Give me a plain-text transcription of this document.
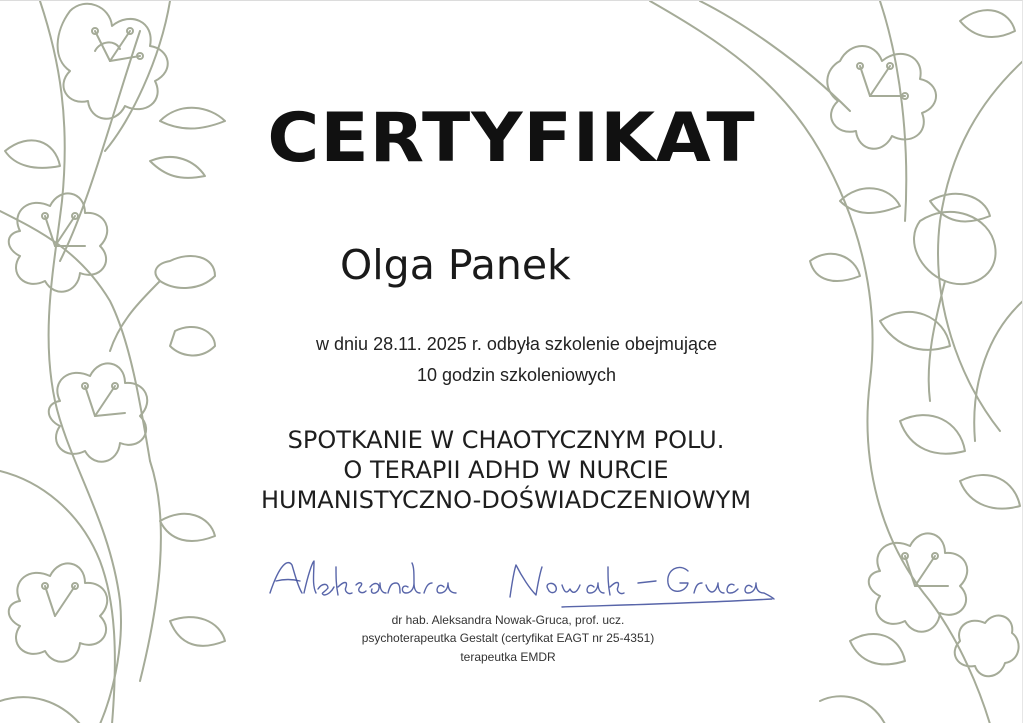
CERTYFIKAT
Olga Panek
w dniu 28.11. 2025 r. odbyła szkolenie obejmujące
10 godzin szkoleniowych
SPOTKANIE W CHAOTYCZNYM POLU.
O TERAPII ADHD W NURCIE
HUMANISTYCZNO-DOŚWIADCZENIOWYM
dr hab. Aleksandra Nowak-Gruca, prof. ucz.
psychoterapeutka Gestalt (certyfikat EAGT nr 25-4351)
terapeutka EMDR
